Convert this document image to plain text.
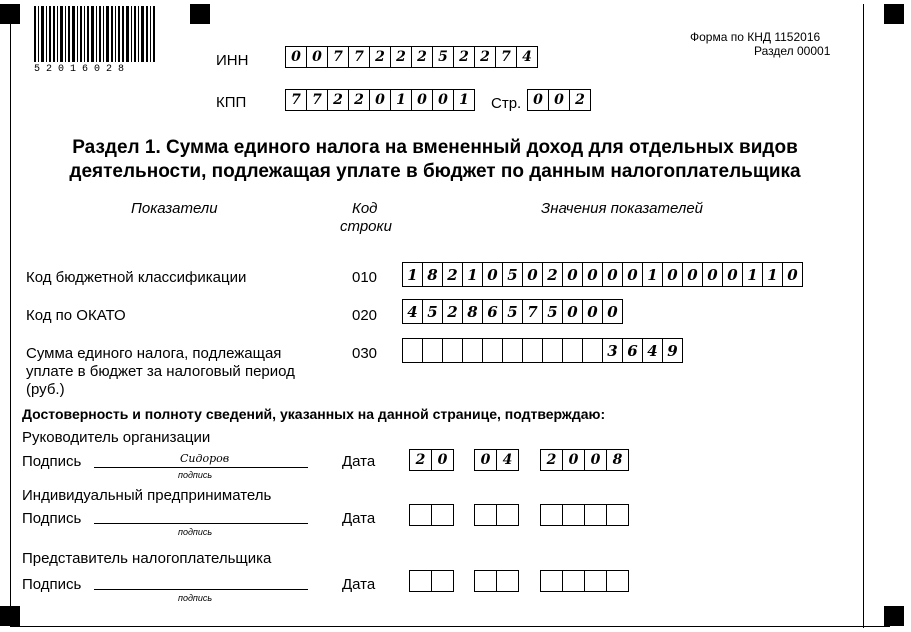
52016028
Форма по КНД 1152016
Раздел 00001
ИНН	0 0 7 7 2 2 2 5 2 2 7 4
КПП	7 7 2 2 0 1 0 0 1	Стр. 0 0 2
Раздел 1. Сумма единого налога на вмененный доход для отдельных видов
деятельности, подлежащая уплате в бюджет по данным налогоплательщика
Показатели	Код
строки
Значения показателей
Код бюджетной классификации	010	1 8 2 1 0 5 0 2 0 0 0 0 1 0 0 0 0 1 1 0
Код по ОКАТО	020	4 5 2 8 6 5 7 5 0 0 0
Сумма единого налога, подлежащая
уплате в бюджет за налоговый период
(руб.)
030	3 6 4 9
Достоверность и полноту сведений, указанных на данной странице, подтверждаю:
Руководитель организации
Подпись	Сидоров
подпись
Дата	2 0	0 4	2 0 0 8
Индивидуальный предприниматель
Подпись
подпись
Дата
Представитель налогоплательщика
Подпись
подпись
Дата
